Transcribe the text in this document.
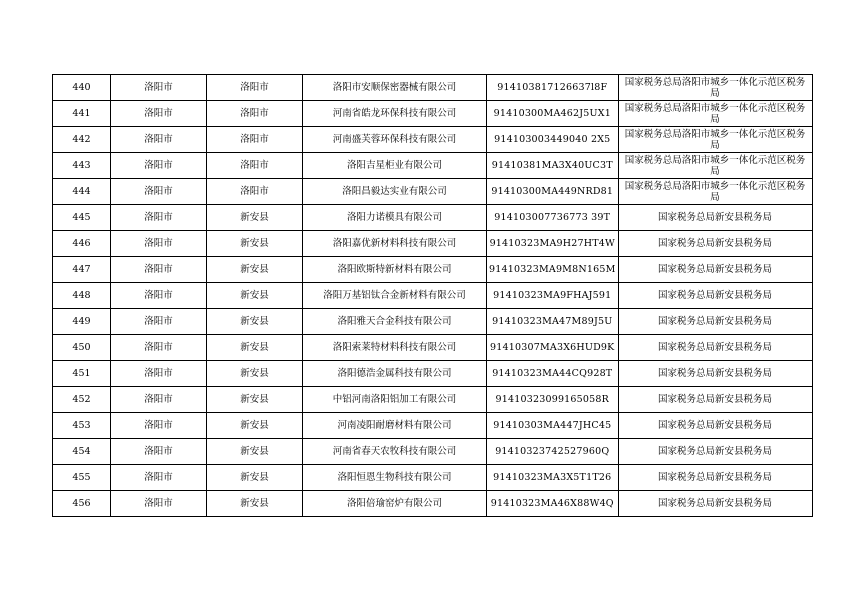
440	洛阳市	洛阳市	洛阳市安顺保密器械有限公司	914103817126637l8F	国家税务总局洛阳市城乡一体化示范区税务局
441	洛阳市	洛阳市	河南省皓龙环保科技有限公司	91410300MA462J5UX1	国家税务总局洛阳市城乡一体化示范区税务局
442	洛阳市	洛阳市	河南盛芙蓉环保科技有限公司	914103003449040 2X5	国家税务总局洛阳市城乡一体化示范区税务局
443	洛阳市	洛阳市	洛阳吉星柜业有限公司	91410381MA3X40UC3T	国家税务总局洛阳市城乡一体化示范区税务局
444	洛阳市	洛阳市	洛阳昌毅达实业有限公司	91410300MA449NRD81	国家税务总局洛阳市城乡一体化示范区税务局
445	洛阳市	新安县	洛阳力诺模具有限公司	914103007736773 39T	国家税务总局新安县税务局
446	洛阳市	新安县	洛阳嘉优新材料科技有限公司	91410323MA9H27HT4W	国家税务总局新安县税务局
447	洛阳市	新安县	洛阳欧斯特新材料有限公司	91410323MA9M8N165M	国家税务总局新安县税务局
448	洛阳市	新安县	洛阳万基铝钛合金新材料有限公司	91410323MA9FHAJ591	国家税务总局新安县税务局
449	洛阳市	新安县	洛阳雅天合金科技有限公司	91410323MA47M89J5U	国家税务总局新安县税务局
450	洛阳市	新安县	洛阳索莱特材料科技有限公司	91410307MA3X6HUD9K	国家税务总局新安县税务局
451	洛阳市	新安县	洛阳德浩金属科技有限公司	91410323MA44CQ928T	国家税务总局新安县税务局
452	洛阳市	新安县	中铝河南洛阳铝加工有限公司	91410323099165058R	国家税务总局新安县税务局
453	洛阳市	新安县	河南凌阳耐磨材料有限公司	91410303MA447JHC45	国家税务总局新安县税务局
454	洛阳市	新安县	河南省春天农牧科技有限公司	91410323742527960Q	国家税务总局新安县税务局
455	洛阳市	新安县	洛阳恒恩生物科技有限公司	91410323MA3X5T1T26	国家税务总局新安县税务局
456	洛阳市	新安县	洛阳倍瑜窑炉有限公司	91410323MA46X88W4Q	国家税务总局新安县税务局
